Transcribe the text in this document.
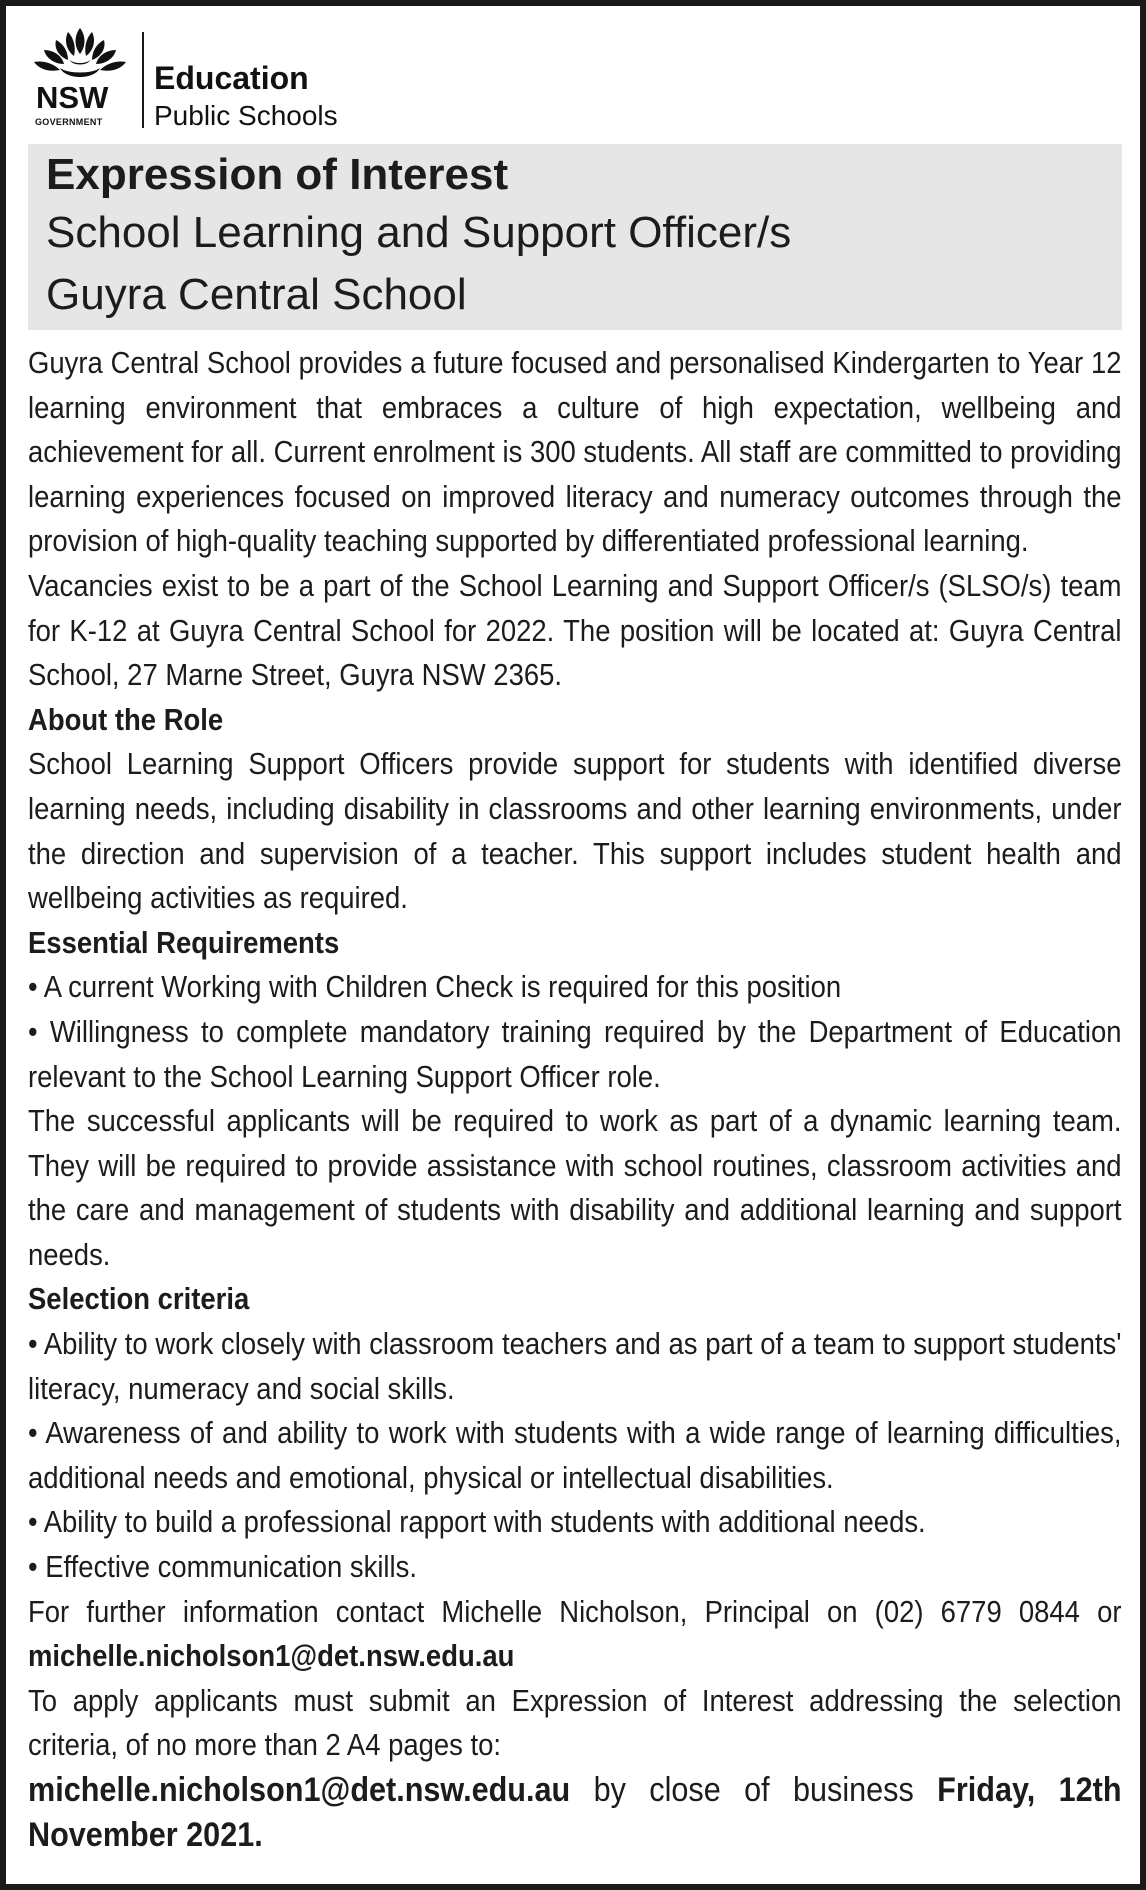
NSW
GOVERNMENT
Education
Public Schools
Expression of Interest
School Learning and Support Officer/s
Guyra Central School

Guyra Central School provides a future focused and personalised Kindergarten to Year 12 learning environment that embraces a culture of high expectation, wellbeing and achievement for all. Current enrolment is 300 students. All staff are committed to providing learning experiences focused on improved literacy and numeracy outcomes through the provision of high-quality teaching supported by differentiated professional learning.

Vacancies exist to be a part of the School Learning and Support Officer/s (SLSO/s) team for K-12 at Guyra Central School for 2022. The position will be located at: Guyra Central School, 27 Marne Street, Guyra NSW 2365.

About the Role

School Learning Support Officers provide support for students with identified diverse learning needs, including disability in classrooms and other learning environments, under the direction and supervision of a teacher. This support includes student health and wellbeing activities as required.

Essential Requirements

• A current Working with Children Check is required for this position

• Willingness to complete mandatory training required by the Department of Education relevant to the School Learning Support Officer role.

The successful applicants will be required to work as part of a dynamic learning team. They will be required to provide assistance with school routines, classroom activities and the care and management of students with disability and additional learning and support needs.

Selection criteria

• Ability to work closely with classroom teachers and as part of a team to support students' literacy, numeracy and social skills.

• Awareness of and ability to work with students with a wide range of learning difficulties, additional needs and emotional, physical or intellectual disabilities.

• Ability to build a professional rapport with students with additional needs.

• Effective communication skills.

For further information contact Michelle Nicholson, Principal on (02) 6779 0844 or michelle.nicholson1@det.nsw.edu.au

To apply applicants must submit an Expression of Interest addressing the selection criteria, of no more than 2 A4 pages to:

michelle.nicholson1@det.nsw.edu.au by close of business Friday, 12th November 2021.
